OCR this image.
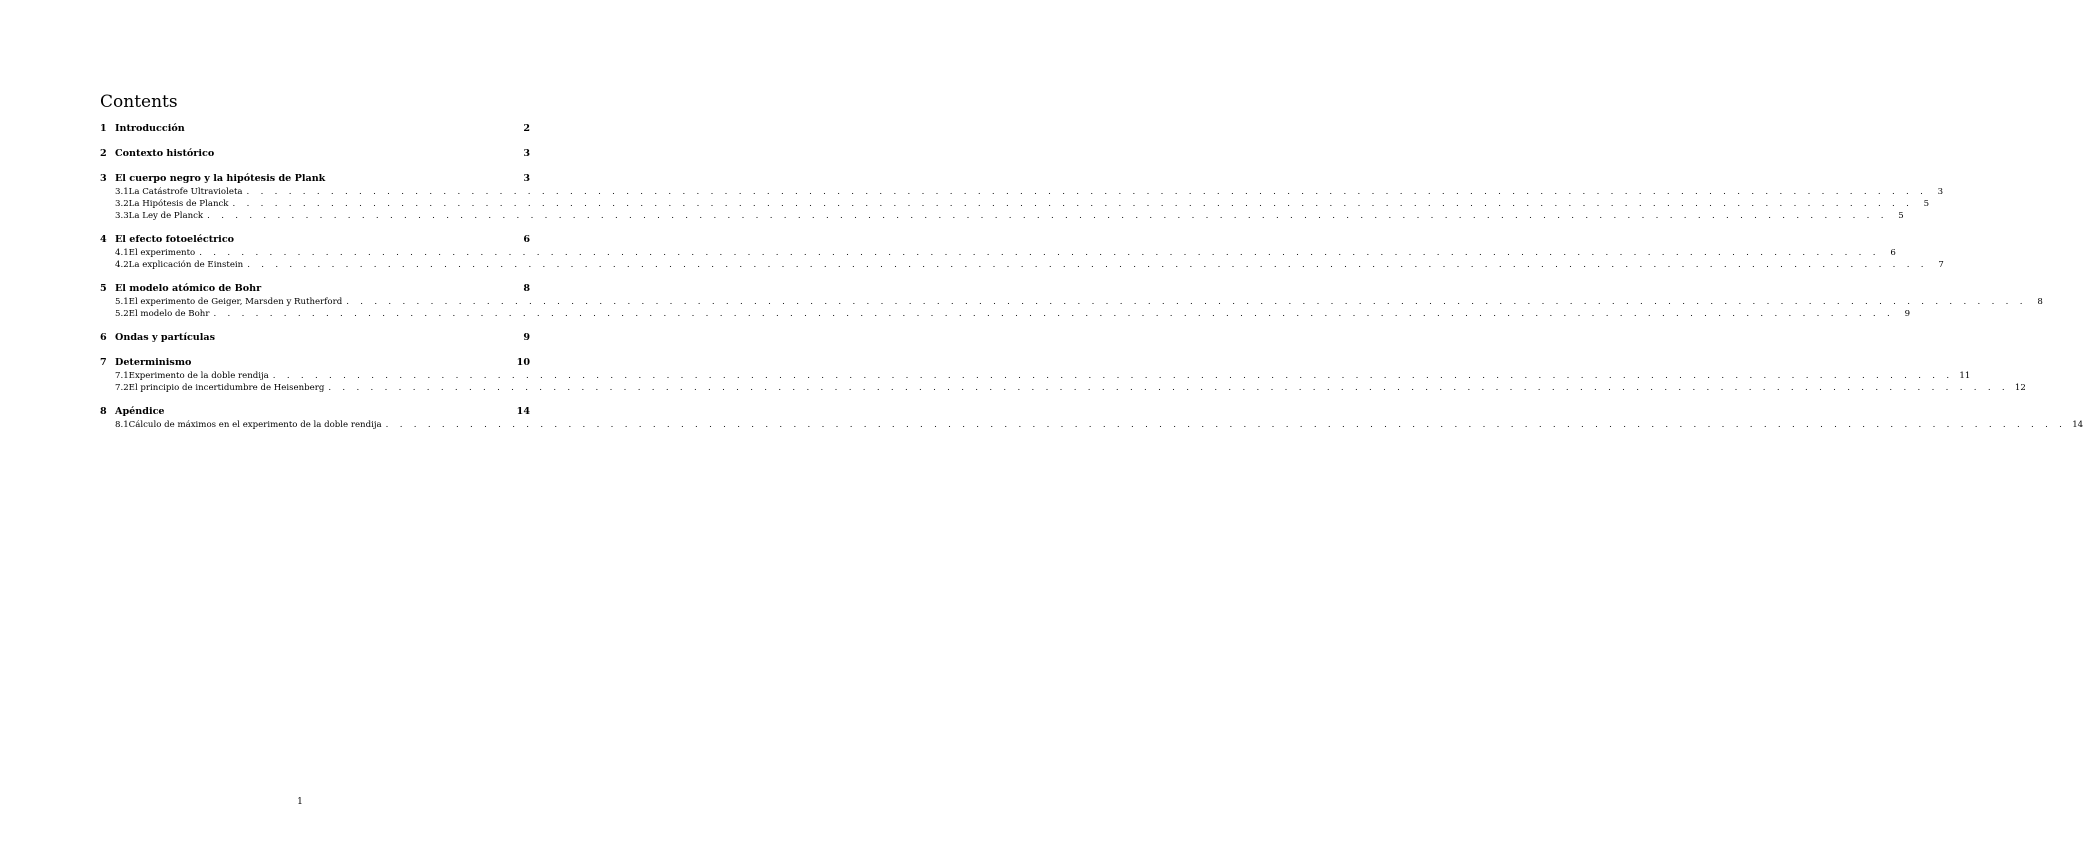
Contents
1 Introducción	2
2 Contexto histórico	3
3 El cuerpo negro y la hipótesis de Plank	3
3.1 La Catástrofe Ultravioleta . . . . . . . . . . . . . . . . . . . . . . . . . . . . . . . . . . . . . . . . . . . . . . . . . . . . . . . . . . . . . . . . . . . . . . . . . . . . . . . . . . . . . . . . . . . . . . . . . . . . . . . . . . . . . . . . . . . . . . . .	3
3.2 La Hipótesis de Planck . . . . . . . . . . . . . . . . . . . . . . . . . . . . . . . . . . . . . . . . . . . . . . . . . . . . . . . . . . . . . . . . . . . . . . . . . . . . . . . . . . . . . . . . . . . . . . . . . . . . . . . . . . . . . . . . . . . . . . . .	5
3.3 La Ley de Planck . . . . . . . . . . . . . . . . . . . . . . . . . . . . . . . . . . . . . . . . . . . . . . . . . . . . . . . . . . . . . . . . . . . . . . . . . . . . . . . . . . . . . . . . . . . . . . . . . . . . . . . . . . . . . . . . . . . . . . . .	5
4 El efecto fotoeléctrico	6
4.1 El experimento . . . . . . . . . . . . . . . . . . . . . . . . . . . . . . . . . . . . . . . . . . . . . . . . . . . . . . . . . . . . . . . . . . . . . . . . . . . . . . . . . . . . . . . . . . . . . . . . . . . . . . . . . . . . . . . . . . . . . . . .	6
4.2 La explicación de Einstein . . . . . . . . . . . . . . . . . . . . . . . . . . . . . . . . . . . . . . . . . . . . . . . . . . . . . . . . . . . . . . . . . . . . . . . . . . . . . . . . . . . . . . . . . . . . . . . . . . . . . . . . . . . . . . . . . . . . . . . .	7
5 El modelo atómico de Bohr	8
5.1 El experimento de Geiger, Marsden y Rutherford . . . . . . . . . . . . . . . . . . . . . . . . . . . . . . . . . . . . . . . . . . . . . . . . . . . . . . . . . . . . . . . . . . . . . . . . . . . . . . . . . . . . . . . . . . . . . . . . . . . . . . . . . . . . . . . . . . . . . . . .	8
5.2 El modelo de Bohr . . . . . . . . . . . . . . . . . . . . . . . . . . . . . . . . . . . . . . . . . . . . . . . . . . . . . . . . . . . . . . . . . . . . . . . . . . . . . . . . . . . . . . . . . . . . . . . . . . . . . . . . . . . . . . . . . . . . . . . .	9
6 Ondas y partículas	9
7 Determinismo	10
7.1 Experimento de la doble rendija . . . . . . . . . . . . . . . . . . . . . . . . . . . . . . . . . . . . . . . . . . . . . . . . . . . . . . . . . . . . . . . . . . . . . . . . . . . . . . . . . . . . . . . . . . . . . . . . . . . . . . . . . . . . . . . . . . . . . . . . 11
7.2 El principio de incertidumbre de Heisenberg . . . . . . . . . . . . . . . . . . . . . . . . . . . . . . . . . . . . . . . . . . . . . . . . . . . . . . . . . . . . . . . . . . . . . . . . . . . . . . . . . . . . . . . . . . . . . . . . . . . . . . . . . . . . . . . . . . . . . . . . 12
8 Apéndice	14
8.1 Cálculo de máximos en el experimento de la doble rendija . . . . . . . . . . . . . . . . . . . . . . . . . . . . . . . . . . . . . . . . . . . . . . . . . . . . . . . . . . . . . . . . . . . . . . . . . . . . . . . . . . . . . . . . . . . . . . . . . . . . . . . . . . . . . . . . . . . . . . . . 14
1
